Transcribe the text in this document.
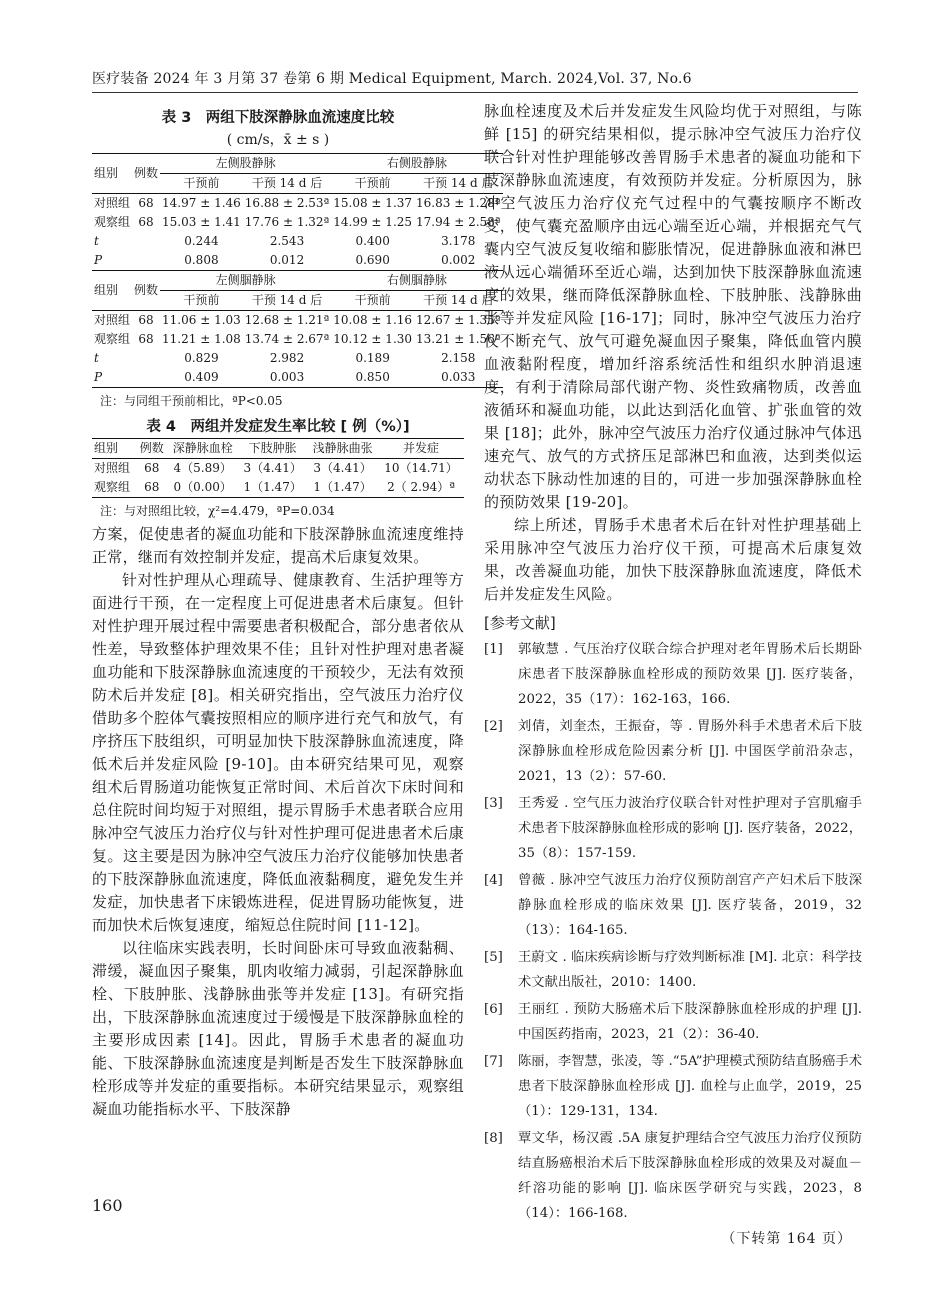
医疗装备 2024 年 3 月第 37 卷第 6 期 Medical Equipment, March. 2024,Vol. 37, No.6
表 3　两组下肢深静脉血流速度比较
( cm/s，x̄ ± s )
组别	例数	左侧股静脉		右侧股静脉	
		干预前	干预 14 d 后	干预前	干预 14 d 后
对照组	68	14.97 ± 1.46	16.88 ± 2.53ª	15.08 ± 1.37	16.83 ± 1.28ª
观察组	68	15.03 ± 1.41	17.76 ± 1.32ª	14.99 ± 1.25	17.94 ± 2.58ª
t		0.244	2.543	0.400	3.178
P		0.808	0.012	0.690	0.002
组别	例数	左侧腘静脉		右侧腘静脉	
		干预前	干预 14 d 后	干预前	干预 14 d 后
对照组	68	11.06 ± 1.03	12.68 ± 1.21ª	10.08 ± 1.16	12.67 ± 1.35ª
观察组	68	11.21 ± 1.08	13.74 ± 2.67ª	10.12 ± 1.30	13.21 ± 1.56ª
t		0.829	2.982	0.189	2.158
P		0.409	0.003	0.850	0.033
注：与同组干预前相比，ªP<0.05
表 4　两组并发症发生率比较 [ 例（%）]
组别	例数	深静脉血栓	下肢肿胀	浅静脉曲张	并发症
对照组	68	4（5.89）	3（4.41）	3（4.41）	10（14.71）
观察组	68	0（0.00）	1（1.47）	1（1.47）	2（ 2.94）ª
注：与对照组比较，χ²=4.479，ªP=0.034

方案，促使患者的凝血功能和下肢深静脉血流速度维持正常，继而有效控制并发症，提高术后康复效果。

针对性护理从心理疏导、健康教育、生活护理等方面进行干预，在一定程度上可促进患者术后康复。但针对性护理开展过程中需要患者积极配合，部分患者依从性差，导致整体护理效果不佳；且针对性护理对患者凝血功能和下肢深静脉血流速度的干预较少，无法有效预防术后并发症 [8]。相关研究指出，空气波压力治疗仪借助多个腔体气囊按照相应的顺序进行充气和放气，有序挤压下肢组织，可明显加快下肢深静脉血流速度，降低术后并发症风险 [9-10]。由本研究结果可见，观察组术后胃肠道功能恢复正常时间、术后首次下床时间和总住院时间均短于对照组，提示胃肠手术患者联合应用脉冲空气波压力治疗仪与针对性护理可促进患者术后康复。这主要是因为脉冲空气波压力治疗仪能够加快患者的下肢深静脉血流速度，降低血液黏稠度，避免发生并发症，加快患者下床锻炼进程，促进胃肠功能恢复，进而加快术后恢复速度，缩短总住院时间 [11-12]。

以往临床实践表明，长时间卧床可导致血液黏稠、滞缓，凝血因子聚集，肌肉收缩力减弱，引起深静脉血栓、下肢肿胀、浅静脉曲张等并发症 [13]。有研究指出，下肢深静脉血流速度过于缓慢是下肢深静脉血栓的主要形成因素 [14]。因此，胃肠手术患者的凝血功能、下肢深静脉血流速度是判断是否发生下肢深静脉血栓形成等并发症的重要指标。本研究结果显示，观察组凝血功能指标水平、下肢深静

脉血栓速度及术后并发症发生风险均优于对照组，与陈鲜 [15] 的研究结果相似，提示脉冲空气波压力治疗仪联合针对性护理能够改善胃肠手术患者的凝血功能和下肢深静脉血流速度，有效预防并发症。分析原因为，脉冲空气波压力治疗仪充气过程中的气囊按顺序不断改变，使气囊充盈顺序由远心端至近心端，并根据充气气囊内空气波反复收缩和膨胀情况，促进静脉血液和淋巴液从远心端循环至近心端，达到加快下肢深静脉血流速度的效果，继而降低深静脉血栓、下肢肿胀、浅静脉曲张等并发症风险 [16-17]；同时，脉冲空气波压力治疗仪不断充气、放气可避免凝血因子聚集，降低血管内膜血液黏附程度，增加纤溶系统活性和组织水肿消退速度，有利于清除局部代谢产物、炎性致痛物质，改善血液循环和凝血功能，以此达到活化血管、扩张血管的效果 [18]；此外，脉冲空气波压力治疗仪通过脉冲气体迅速充气、放气的方式挤压足部淋巴和血液，达到类似运动状态下脉动性加速的目的，可进一步加强深静脉血栓的预防效果 [19-20]。

综上所述，胃肠手术患者术后在针对性护理基础上采用脉冲空气波压力治疗仪干预，可提高术后康复效果，改善凝血功能，加快下肢深静脉血流速度，降低术后并发症发生风险。

[参考文献]
[1]	郭敏慧 . 气压治疗仪联合综合护理对老年胃肠术后长期卧床患者下肢深静脉血栓形成的预防效果 [J]. 医疗装备，2022，35（17）：162-163，166.
[2]	刘倩，刘奎杰，王振奋，等 . 胃肠外科手术患者术后下肢深静脉血栓形成危险因素分析 [J]. 中国医学前沿杂志，2021，13（2）：57-60.
[3]	王秀爱 . 空气压力波治疗仪联合针对性护理对子宫肌瘤手术患者下肢深静脉血栓形成的影响 [J]. 医疗装备，2022，35（8）：157-159.
[4]	曾薇 . 脉冲空气波压力治疗仪预防剖宫产产妇术后下肢深静脉血栓形成的临床效果 [J]. 医疗装备，2019，32（13）：164-165.
[5]	王蔚文 . 临床疾病诊断与疗效判断标准 [M]. 北京：科学技术文献出版社，2010：1400.
[6]	王丽红 . 预防大肠癌术后下肢深静脉血栓形成的护理 [J]. 中国医药指南，2023，21（2）：36-40.
[7]	陈丽，李智慧，张凌，等 .“5A”护理模式预防结直肠癌手术患者下肢深静脉血栓形成 [J]. 血栓与止血学，2019，25（1）：129-131，134.
[8]	覃文华，杨汉霞 .5A 康复护理结合空气波压力治疗仪预防结直肠癌根治术后下肢深静脉血栓形成的效果及对凝血－纤溶功能的影响 [J]. 临床医学研究与实践，2023，8（14）：166-168.
（下转第 164 页）
160
